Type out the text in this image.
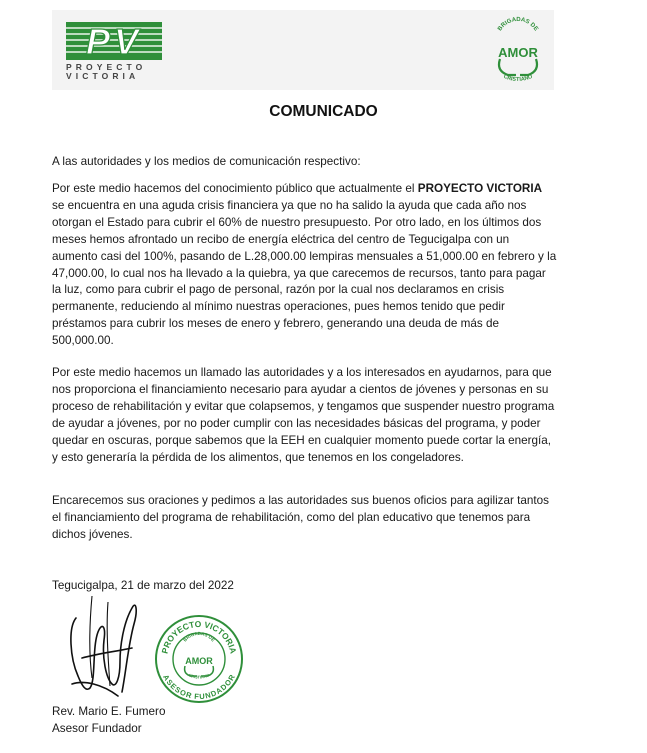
PV
PROYECTO VICTORIA
BRIGADAS DE
AMOR
CRISTIANO
COMUNICADO
A las autoridades y los medios de comunicación respectivo:

Por este medio hacemos del conocimiento público que actualmente el PROYECTO VICTORIA se encuentra en una aguda crisis financiera ya que no ha salido la ayuda que cada año nos otorgan el Estado para cubrir el 60% de nuestro presupuesto. Por otro lado, en los últimos dos meses hemos afrontado un recibo de energía eléctrica del centro de Tegucigalpa con un aumento casi del 100%, pasando de L.28,000.00 lempiras mensuales a 51,000.00 en febrero y la 47,000.00, lo cual nos ha llevado a la quiebra, ya que carecemos de recursos, tanto para pagar la luz, como para cubrir el pago de personal, razón por la cual nos declaramos en crisis permanente, reduciendo al mínimo nuestras operaciones, pues hemos tenido que pedir préstamos para cubrir los meses de enero y febrero, generando una deuda de más de 500,000.00.

Por este medio hacemos un llamado las autoridades y a los interesados en ayudarnos, para que nos proporciona el financiamiento necesario para ayudar a cientos de jóvenes y personas en su proceso de rehabilitación y evitar que colapsemos, y tengamos que suspender nuestro programa de ayudar a jóvenes, por no poder cumplir con las necesidades básicas del programa, y poder quedar en oscuras, porque sabemos que la EEH en cualquier momento puede cortar la energía, y esto generaría la pérdida de los alimentos, que tenemos en los congeladores.

Encarecemos sus oraciones y pedimos a las autoridades sus buenos oficios para agilizar tantos el financiamiento del programa de rehabilitación, como del plan educativo que tenemos para dichos jóvenes.

Tegucigalpa, 21 de marzo del 2022
PROYECTO VICTORIA
ASESOR FUNDADOR
BRIGADAS DE
AMOR
CRISTIANO
Rev. Mario E. Fumero
Asesor Fundador
